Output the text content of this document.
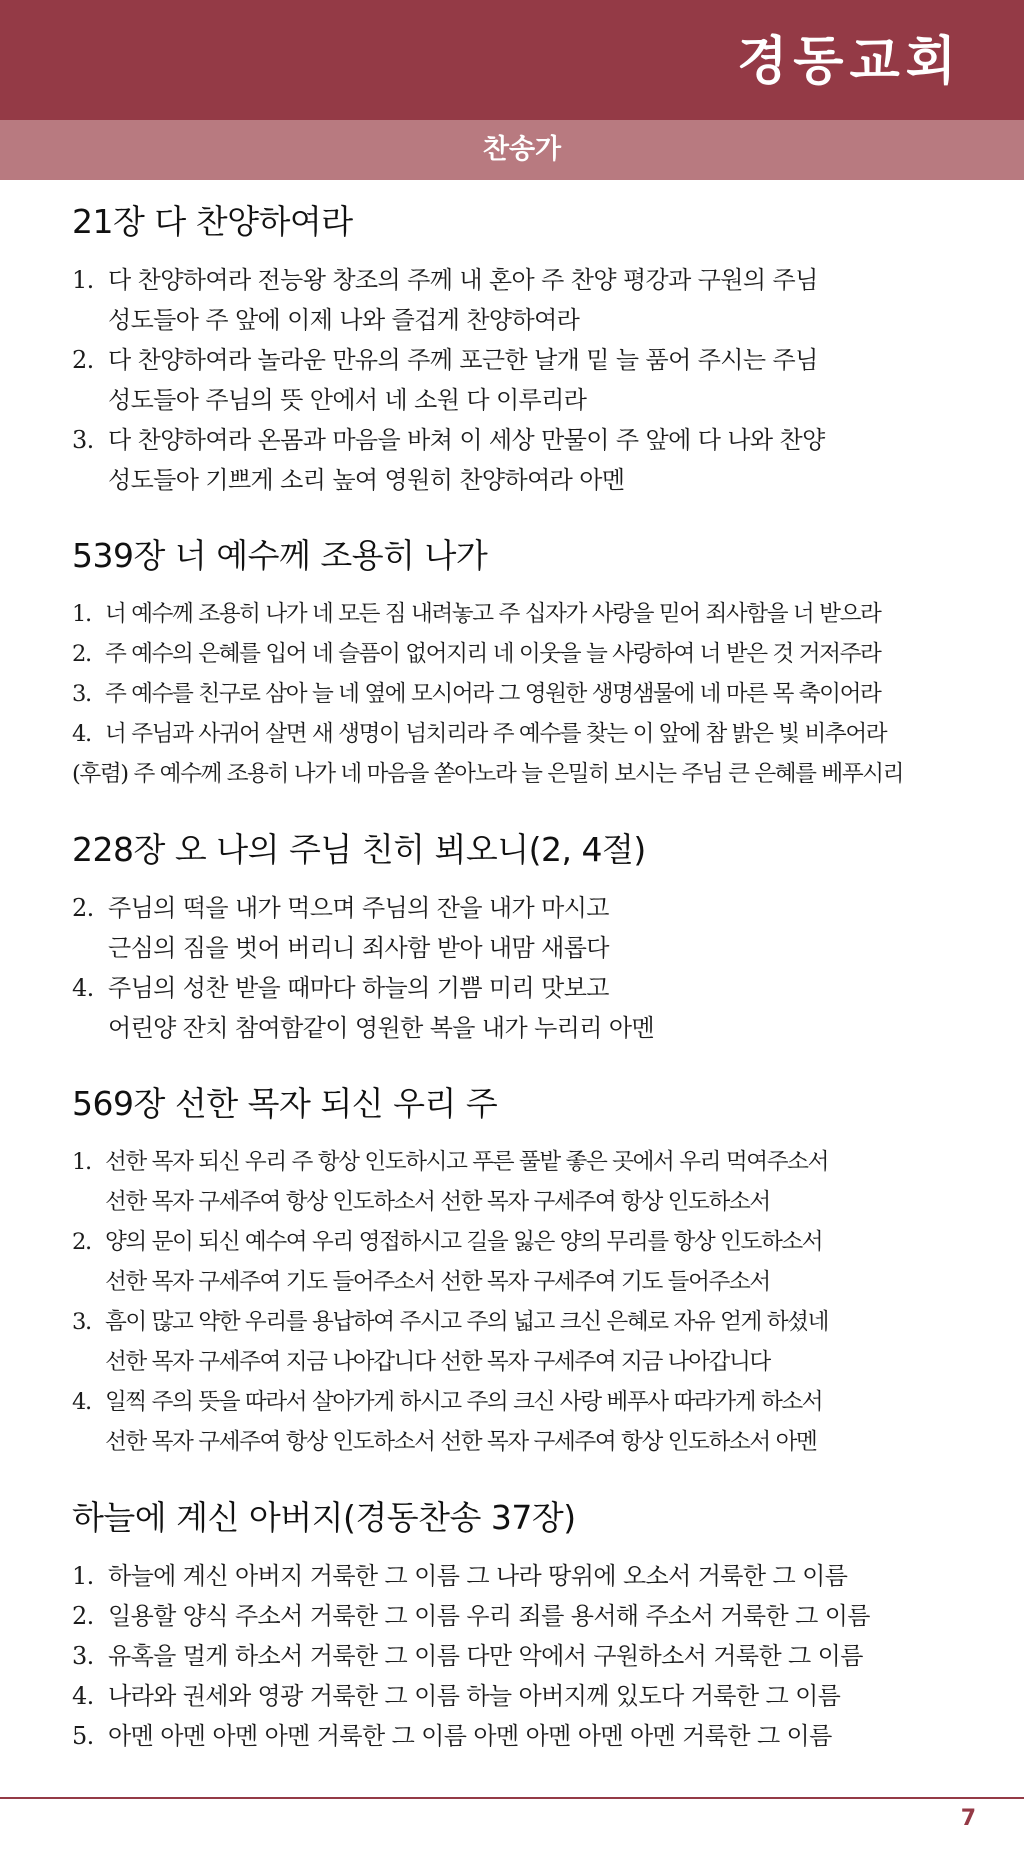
경동교회
찬송가
21장 다 찬양하여라
1. 다 찬양하여라 전능왕 창조의 주께 내 혼아 주 찬양 평강과 구원의 주님
성도들아 주 앞에 이제 나와 즐겁게 찬양하여라
2. 다 찬양하여라 놀라운 만유의 주께 포근한 날개 밑 늘 품어 주시는 주님
성도들아 주님의 뜻 안에서 네 소원 다 이루리라
3. 다 찬양하여라 온몸과 마음을 바쳐 이 세상 만물이 주 앞에 다 나와 찬양
성도들아 기쁘게 소리 높여 영원히 찬양하여라 아멘
539장 너 예수께 조용히 나가
1. 너 예수께 조용히 나가 네 모든 짐 내려놓고 주 십자가 사랑을 믿어 죄사함을 너 받으라
2. 주 예수의 은혜를 입어 네 슬픔이 없어지리 네 이웃을 늘 사랑하여 너 받은 것 거저주라
3. 주 예수를 친구로 삼아 늘 네 옆에 모시어라 그 영원한 생명샘물에 네 마른 목 축이어라
4. 너 주님과 사귀어 살면 새 생명이 넘치리라 주 예수를 찾는 이 앞에 참 밝은 빛 비추어라
(후렴) 주 예수께 조용히 나가 네 마음을 쏟아노라 늘 은밀히 보시는 주님 큰 은혜를 베푸시리
228장 오 나의 주님 친히 뵈오니(2, 4절)
2. 주님의 떡을 내가 먹으며 주님의 잔을 내가 마시고
근심의 짐을 벗어 버리니 죄사함 받아 내맘 새롭다
4. 주님의 성찬 받을 때마다 하늘의 기쁨 미리 맛보고
어린양 잔치 참여함같이 영원한 복을 내가 누리리 아멘
569장 선한 목자 되신 우리 주
1. 선한 목자 되신 우리 주 항상 인도하시고 푸른 풀밭 좋은 곳에서 우리 먹여주소서
선한 목자 구세주여 항상 인도하소서 선한 목자 구세주여 항상 인도하소서
2. 양의 문이 되신 예수여 우리 영접하시고 길을 잃은 양의 무리를 항상 인도하소서
선한 목자 구세주여 기도 들어주소서 선한 목자 구세주여 기도 들어주소서
3. 흠이 많고 약한 우리를 용납하여 주시고 주의 넓고 크신 은혜로 자유 얻게 하셨네
선한 목자 구세주여 지금 나아갑니다 선한 목자 구세주여 지금 나아갑니다
4. 일찍 주의 뜻을 따라서 살아가게 하시고 주의 크신 사랑 베푸사 따라가게 하소서
선한 목자 구세주여 항상 인도하소서 선한 목자 구세주여 항상 인도하소서 아멘
하늘에 계신 아버지(경동찬송 37장)
1. 하늘에 계신 아버지 거룩한 그 이름 그 나라 땅위에 오소서 거룩한 그 이름
2. 일용할 양식 주소서 거룩한 그 이름 우리 죄를 용서해 주소서 거룩한 그 이름
3. 유혹을 멀게 하소서 거룩한 그 이름 다만 악에서 구원하소서 거룩한 그 이름
4. 나라와 권세와 영광 거룩한 그 이름 하늘 아버지께 있도다 거룩한 그 이름
5. 아멘 아멘 아멘 아멘 거룩한 그 이름 아멘 아멘 아멘 아멘 거룩한 그 이름
7
